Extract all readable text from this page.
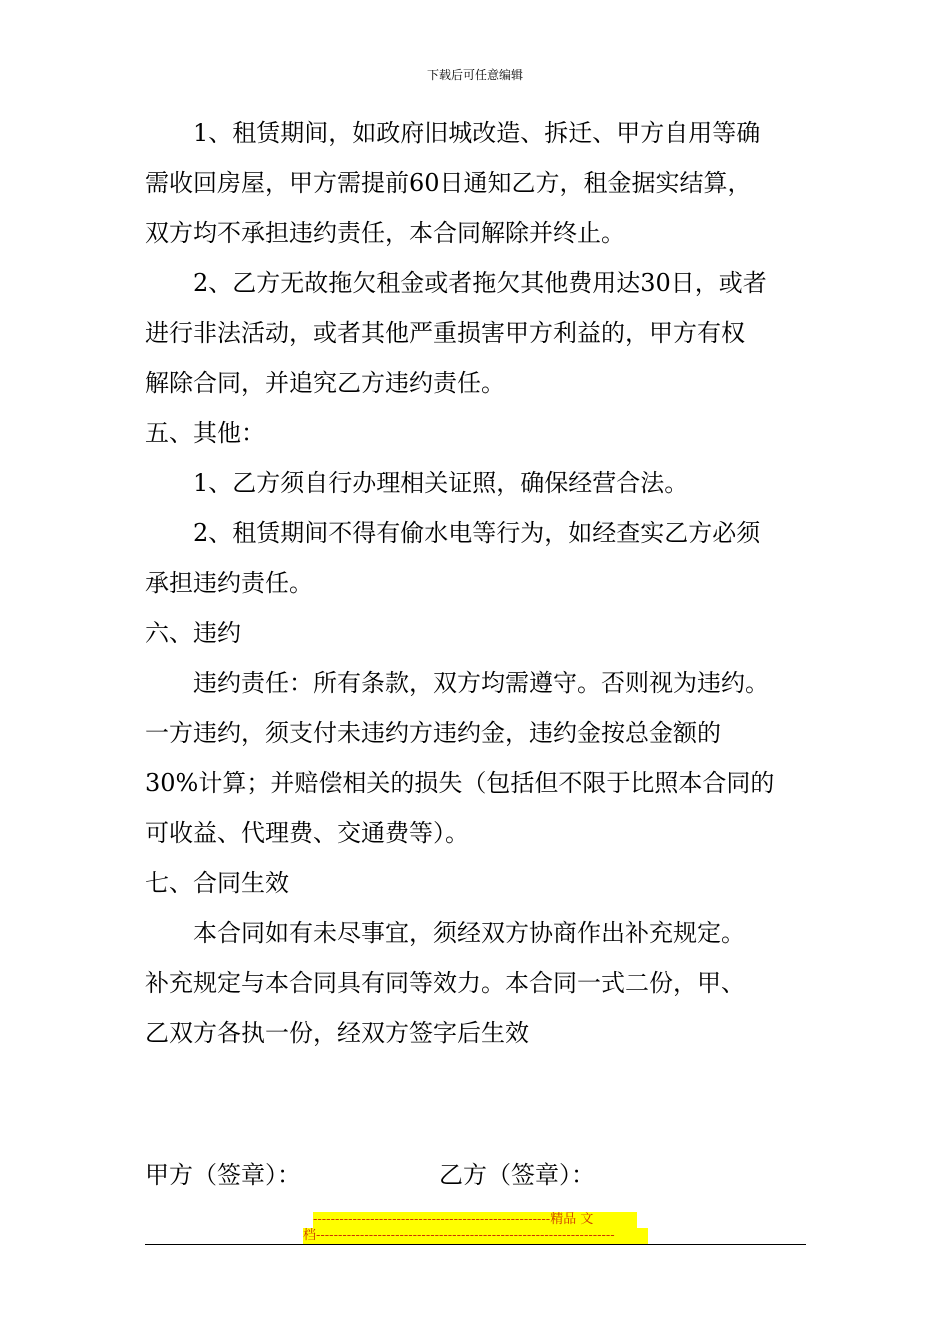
下载后可任意编辑
1、租赁期间，如政府旧城改造、拆迁、甲方自用等确
需收回房屋，甲方需提前60日通知乙方，租金据实结算，
双方均不承担违约责任，本合同解除并终止。
2、乙方无故拖欠租金或者拖欠其他费用达30日，或者
进行非法活动，或者其他严重损害甲方利益的，甲方有权
解除合同，并追究乙方违约责任。
五、其他：
1、乙方须自行办理相关证照，确保经营合法。
2、租赁期间不得有偷水电等行为，如经查实乙方必须
承担违约责任。
六、违约
违约责任：所有条款，双方均需遵守。否则视为违约。
一方违约，须支付未违约方违约金，违约金按总金额的
30%计算；并赔偿相关的损失（包括但不限于比照本合同的
可收益、代理费、交通费等）。
七、合同生效
本合同如有未尽事宜，须经双方协商作出补充规定。
补充规定与本合同具有同等效力。本合同一式二份，甲、
乙双方各执一份，经双方签字后生效
甲方（签章）：	乙方（签章）：
------------------------------------------------------精品 文
档--------------------------------------------------------------------
